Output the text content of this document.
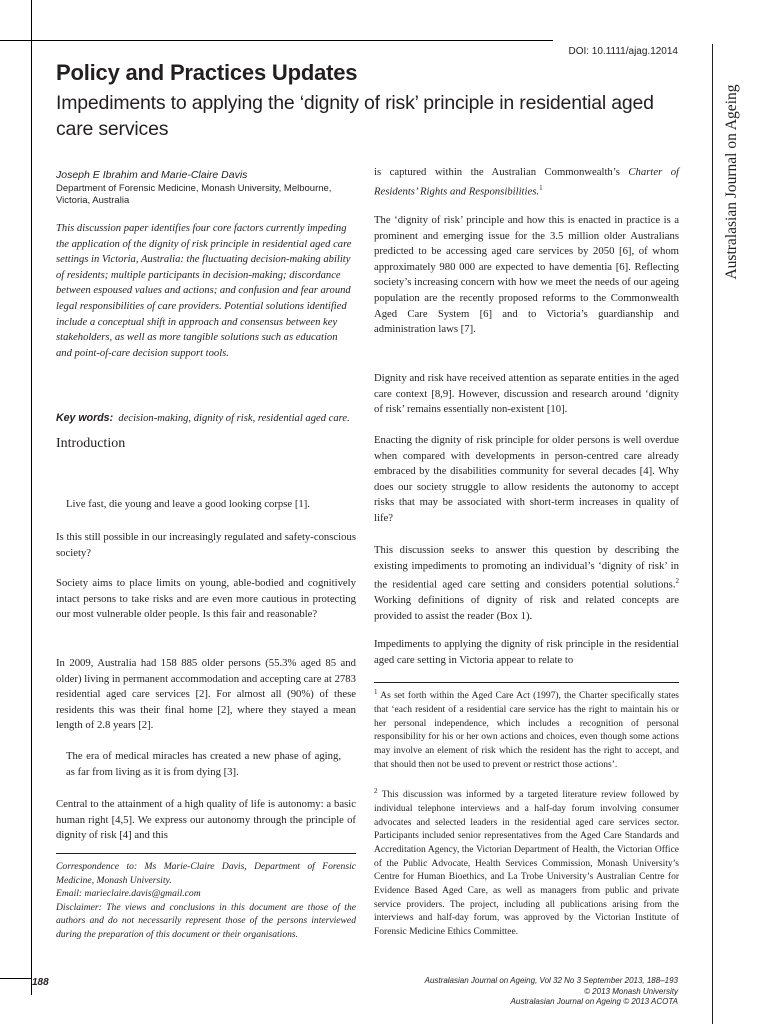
DOI: 10.1111/ajag.12014
Australasian Journal on Ageing
Policy and Practices Updates
Impediments to applying the ‘dignity of risk’ principle in residential aged care services
Joseph E Ibrahim and Marie-Claire Davis
Department of Forensic Medicine, Monash University, Melbourne, Victoria, Australia

This discussion paper identifies four core factors currently impeding the application of the dignity of risk principle in residential aged care settings in Victoria, Australia: the fluctuating decision-making ability of residents; multiple participants in decision-making; discordance between espoused values and actions; and confusion and fear around legal responsibilities of care providers. Potential solutions identified include a conceptual shift in approach and consensus between key stakeholders, as well as more tangible solutions such as education and point-of-care decision support tools.

Key words: decision-making, dignity of risk, residential aged care.

Introduction

Live fast, die young and leave a good looking corpse [1].

Is this still possible in our increasingly regulated and safety-conscious society?

Society aims to place limits on young, able-bodied and cognitively intact persons to take risks and are even more cautious in protecting our most vulnerable older people. Is this fair and reasonable?

In 2009, Australia had 158 885 older persons (55.3% aged 85 and older) living in permanent accommodation and accepting care at 2783 residential aged care services [2]. For almost all (90%) of these residents this was their final home [2], where they stayed a mean length of 2.8 years [2].

The era of medical miracles has created a new phase of aging, as far from living as it is from dying [3].

Central to the attainment of a high quality of life is autonomy: a basic human right [4,5]. We express our autonomy through the principle of dignity of risk [4] and this

Correspondence to: Ms Marie-Claire Davis, Department of Forensic Medicine, Monash University.
Email: marieclaire.davis@gmail.com
Disclaimer: The views and conclusions in this document are those of the authors and do not necessarily represent those of the persons interviewed during the preparation of this document or their organisations.

is captured within the Australian Commonwealth’s Charter of Residents’ Rights and Responsibilities.$^1$

The ‘dignity of risk’ principle and how this is enacted in practice is a prominent and emerging issue for the 3.5 million older Australians predicted to be accessing aged care services by 2050 [6], of whom approximately 980 000 are expected to have dementia [6]. Reflecting society’s increasing concern with how we meet the needs of our ageing population are the recently proposed reforms to the Commonwealth Aged Care System [6] and to Victoria’s guardianship and administration laws [7].

Dignity and risk have received attention as separate entities in the aged care context [8,9]. However, discussion and research around ‘dignity of risk’ remains essentially non-existent [10].

Enacting the dignity of risk principle for older persons is well overdue when compared with developments in person-centred care already embraced by the disabilities community for several decades [4]. Why does our society struggle to allow residents the autonomy to accept risks that may be associated with short-term increases in quality of life?

This discussion seeks to answer this question by describing the existing impediments to promoting an individual’s ‘dignity of risk’ in the residential aged care setting and considers potential solutions.$^2$ Working definitions of dignity of risk and related concepts are provided to assist the reader (Box 1).

Impediments to applying the dignity of risk principle in the residential aged care setting in Victoria appear to relate to

$^1$ As set forth within the Aged Care Act (1997), the Charter specifically states that ‘each resident of a residential care service has the right to maintain his or her personal independence, which includes a recognition of personal responsibility for his or her own actions and choices, even though some actions may involve an element of risk which the resident has the right to accept, and that should then not be used to prevent or restrict those actions’.

$^2$ This discussion was informed by a targeted literature review followed by individual telephone interviews and a half-day forum involving consumer advocates and selected leaders in the residential aged care services sector. Participants included senior representatives from the Aged Care Standards and Accreditation Agency, the Victorian Department of Health, the Victorian Office of the Public Advocate, Health Services Commission, Monash University’s Centre for Human Bioethics, and La Trobe University’s Australian Centre for Evidence Based Aged Care, as well as managers from public and private service providers. The project, including all publications arising from the interviews and half-day forum, was approved by the Victorian Institute of Forensic Medicine Ethics Committee.

188	Australasian Journal on Ageing, Vol 32 No 3 September 2013, 188–193
© 2013 Monash University
Australasian Journal on Ageing © 2013 ACOTA
